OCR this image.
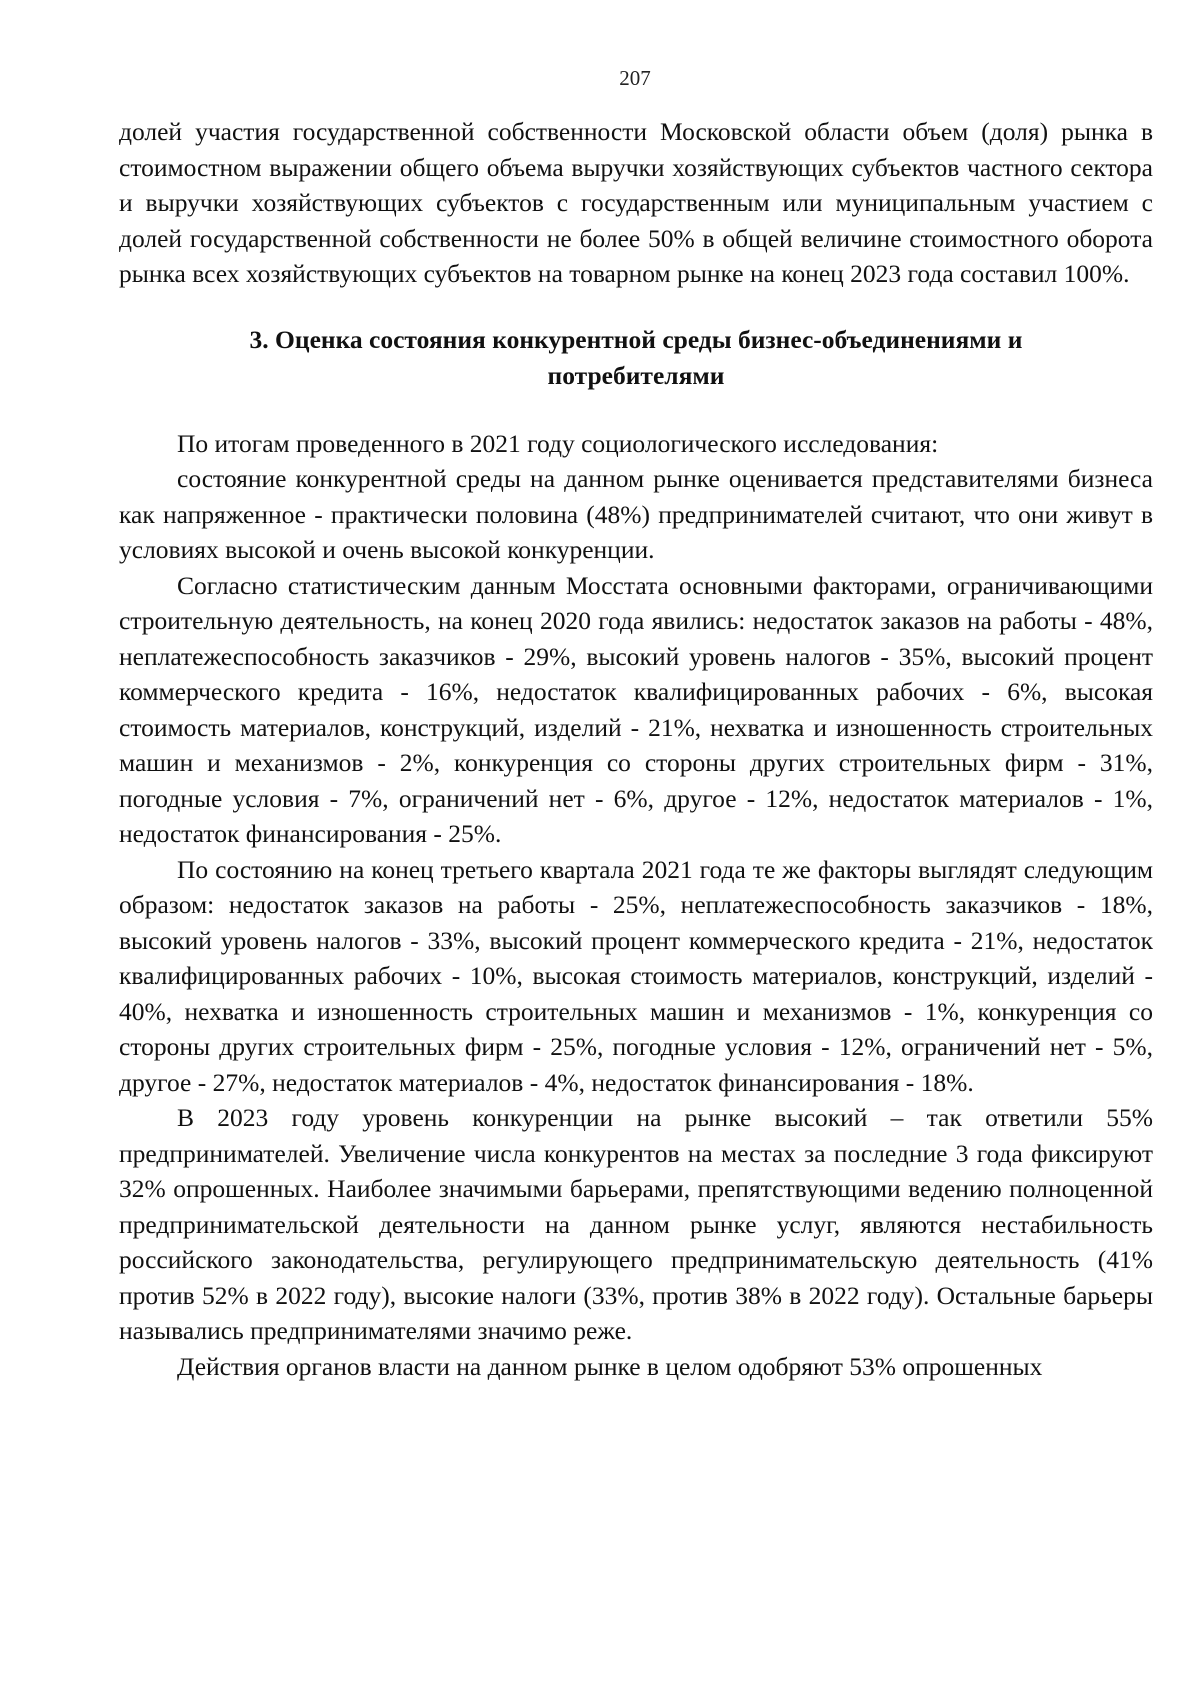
207

долей участия государственной собственности Московской области объем (доля) рынка в стоимостном выражении общего объема выручки хозяйствующих субъектов частного сектора и выручки хозяйствующих субъектов с государственным или муниципальным участием с долей государственной собственности не более 50% в общей величине стоимостного оборота рынка всех хозяйствующих субъектов на товарном рынке на конец 2023 года составил 100%.

3. Оценка состояния конкурентной среды бизнес-объединениями и
потребителями

По итогам проведенного в 2021 году социологического исследования:

состояние конкурентной среды на данном рынке оценивается представителями бизнеса как напряженное - практически половина (48%) предпринимателей считают, что они живут в условиях высокой и очень высокой конкуренции.

Согласно статистическим данным Мосстата основными факторами, ограничивающими строительную деятельность, на конец 2020 года явились: недостаток заказов на работы - 48%, неплатежеспособность заказчиков - 29%, высокий уровень налогов - 35%, высокий процент коммерческого кредита - 16%, недостаток квалифицированных рабочих - 6%, высокая стоимость материалов, конструкций, изделий - 21%, нехватка и изношенность строительных машин и механизмов - 2%, конкуренция со стороны других строительных фирм - 31%, погодные условия - 7%, ограничений нет - 6%, другое - 12%, недостаток материалов - 1%, недостаток финансирования - 25%.

По состоянию на конец третьего квартала 2021 года те же факторы выглядят следующим образом: недостаток заказов на работы - 25%, неплатежеспособность заказчиков - 18%, высокий уровень налогов - 33%, высокий процент коммерческого кредита - 21%, недостаток квалифицированных рабочих - 10%, высокая стоимость материалов, конструкций, изделий - 40%, нехватка и изношенность строительных машин и механизмов - 1%, конкуренция со стороны других строительных фирм - 25%, погодные условия - 12%, ограничений нет - 5%, другое - 27%, недостаток материалов - 4%, недостаток финансирования - 18%.

В 2023 году уровень конкуренции на рынке высокий – так ответили 55% предпринимателей. Увеличение числа конкурентов на местах за последние 3 года фиксируют 32% опрошенных. Наиболее значимыми барьерами, препятствующими ведению полноценной предпринимательской деятельности на данном рынке услуг, являются нестабильность российского законодательства, регулирующего предпринимательскую деятельность (41% против 52% в 2022 году), высокие налоги (33%, против 38% в 2022 году). Остальные барьеры назывались предпринимателями значимо реже.

Действия органов власти на данном рынке в целом одобряют 53% опрошенных
